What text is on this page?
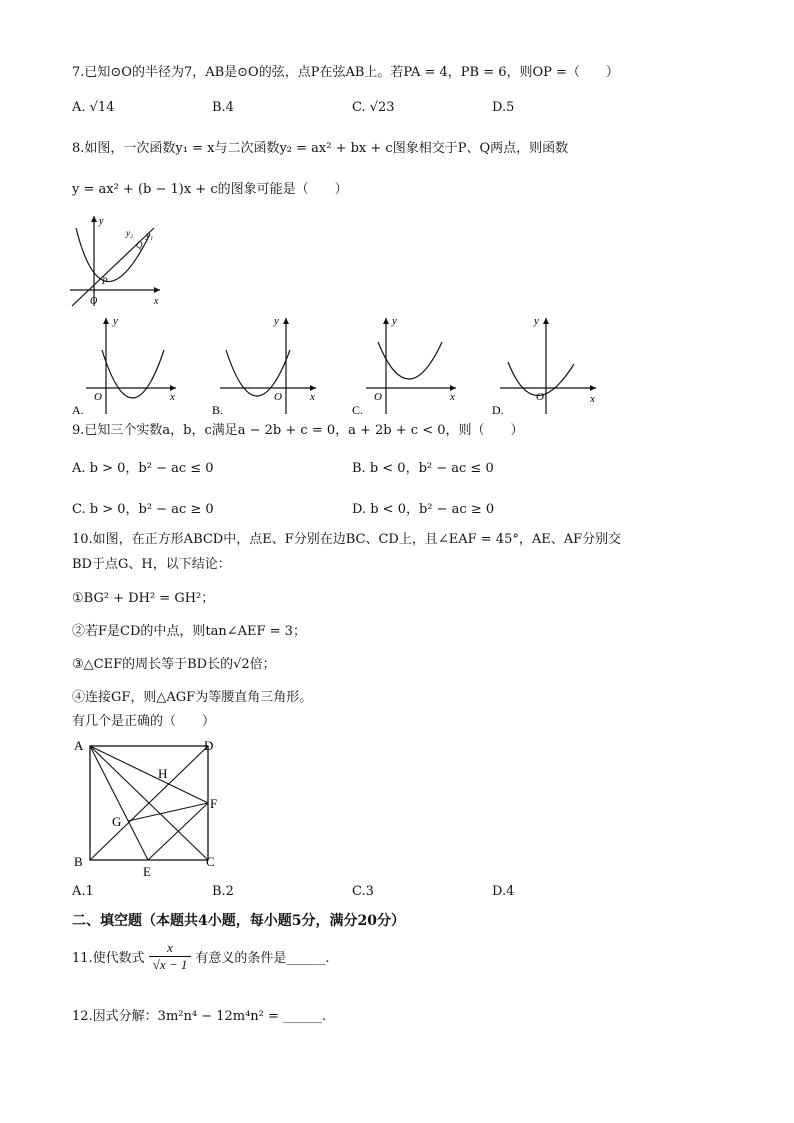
7.已知⊙O的半径为7，AB是⊙O的弦，点P在弦AB上。若PA = 4，PB = 6，则OP =（　　）
A. √14	B.4	C. √23	D.5
8.如图，一次函数y₁ = x与二次函数y₂ = ax² + bx + c图象相交于P、Q两点，则函数
y = ax² + (b − 1)x + c的图象可能是（　　）
y
x
O
P
Q
y₂ y₁
y
x
O
A.
y
x
O
B.
y
x
O
C.
y
x
O
D.
9.已知三个实数a，b，c满足a − 2b + c = 0，a + 2b + c < 0，则（　　）
A. b > 0，b² − ac ≤ 0	B. b < 0，b² − ac ≤ 0
C. b > 0，b² − ac ≥ 0	D. b < 0，b² − ac ≥ 0
10.如图，在正方形ABCD中，点E、F分别在边BC、CD上，且∠EAF = 45°，AE、AF分别交
BD于点G、H，以下结论：
①BG² + DH² = GH²；
②若F是CD的中点，则tan∠AEF = 3；
③△CEF的周长等于BD长的√2倍；
④连接GF，则△AGF为等腰直角三角形。
有几个是正确的（　　）
A	D
B	C
E
F
G
H
A.1	B.2	C.3	D.4
二、填空题（本题共4小题，每小题5分，满分20分）
11.使代数式 $\frac{x}{√x - 1}$ 有意义的条件是______.
12.因式分解：3m²n⁴ − 12m⁴n² = ______.
